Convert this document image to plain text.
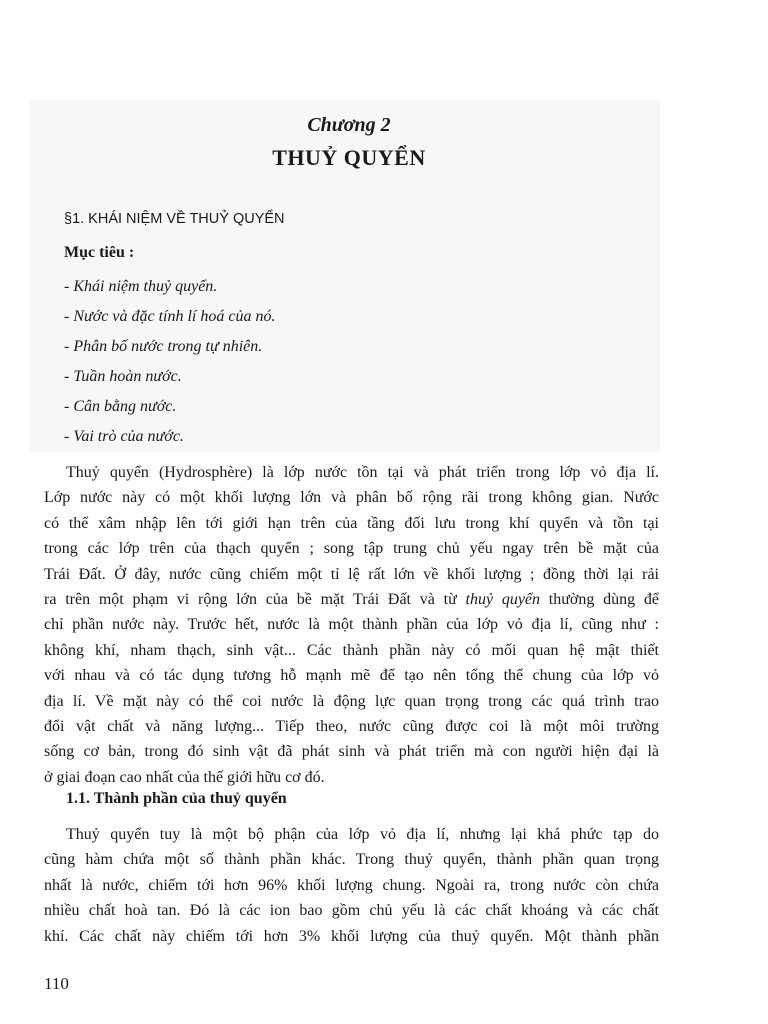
Chương 2
THUỶ QUYỂN
§1. KHÁI NIỆM VỀ THUỶ QUYỂN
Mục tiêu :
- Khái niệm thuỷ quyển.
- Nước và đặc tính lí hoá của nó.
- Phân bố nước trong tự nhiên.
- Tuần hoàn nước.
- Cân bằng nước.
- Vai trò của nước.
Thuỷ quyển (Hydrosphère) là lớp nước tồn tại và phát triển trong lớp vỏ địa lí.
Lớp nước này có một khối lượng lớn và phân bố rộng rãi trong không gian. Nước
có thể xâm nhập lên tới giới hạn trên của tầng đối lưu trong khí quyển và tồn tại
trong các lớp trên của thạch quyển ; song tập trung chủ yếu ngay trên bề mặt của
Trái Đất. Ở đây, nước cũng chiếm một tỉ lệ rất lớn về khối lượng ; đồng thời lại rải
ra trên một phạm vi rộng lớn của bề mặt Trái Đất và từ thuỷ quyển thường dùng để
chỉ phần nước này. Trước hết, nước là một thành phần của lớp vỏ địa lí, cũng như :
không khí, nham thạch, sinh vật... Các thành phần này có mối quan hệ mật thiết
với nhau và có tác dụng tương hỗ mạnh mẽ để tạo nên tổng thể chung của lớp vỏ
địa lí. Về mặt này có thể coi nước là động lực quan trọng trong các quá trình trao
đổi vật chất và năng lượng... Tiếp theo, nước cũng được coi là một môi trường
sống cơ bản, trong đó sinh vật đã phát sinh và phát triển mà con người hiện đại là
ở giai đoạn cao nhất của thế giới hữu cơ đó.
1.1. Thành phần của thuỷ quyển
Thuỷ quyển tuy là một bộ phận của lớp vỏ địa lí, nhưng lại khá phức tạp do
cũng hàm chứa một số thành phần khác. Trong thuỷ quyển, thành phần quan trọng
nhất là nước, chiếm tới hơn 96% khối lượng chung. Ngoài ra, trong nước còn chứa
nhiều chất hoà tan. Đó là các ion bao gồm chủ yếu là các chất khoáng và các chất
khí. Các chất này chiếm tới hơn 3% khối lượng của thuỷ quyển. Một thành phần
110
